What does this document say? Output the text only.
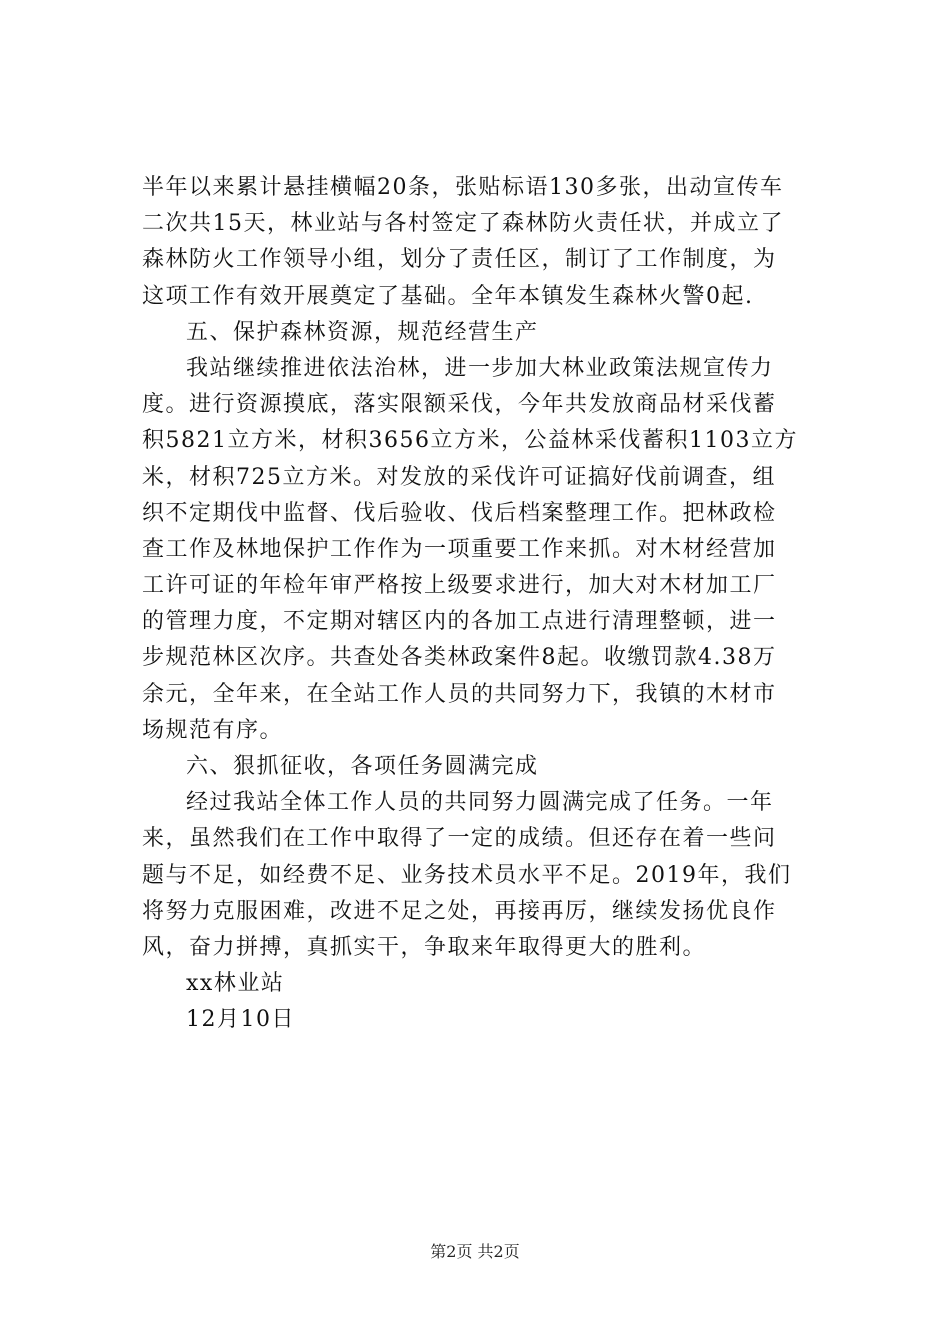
半年以来累计悬挂横幅20条，张贴标语130多张，出动宣传车
二次共15天，林业站与各村签定了森林防火责任状，并成立了
森林防火工作领导小组，划分了责任区，制订了工作制度，为
这项工作有效开展奠定了基础。全年本镇发生森林火警0起.
五、保护森林资源，规范经营生产
我站继续推进依法治林，进一步加大林业政策法规宣传力
度。进行资源摸底，落实限额采伐，今年共发放商品材采伐蓄
积5821立方米，材积3656立方米，公益林采伐蓄积1103立方
米，材积725立方米。对发放的采伐许可证搞好伐前调查，组
织不定期伐中监督、伐后验收、伐后档案整理工作。把林政检
查工作及林地保护工作作为一项重要工作来抓。对木材经营加
工许可证的年检年审严格按上级要求进行，加大对木材加工厂
的管理力度，不定期对辖区内的各加工点进行清理整顿，进一
步规范林区次序。共查处各类林政案件8起。收缴罚款4.38万
余元，全年来，在全站工作人员的共同努力下，我镇的木材市
场规范有序。
六、狠抓征收，各项任务圆满完成
经过我站全体工作人员的共同努力圆满完成了任务。一年
来，虽然我们在工作中取得了一定的成绩。但还存在着一些问
题与不足，如经费不足、业务技术员水平不足。2019年，我们
将努力克服困难，改进不足之处，再接再厉，继续发扬优良作
风，奋力拼搏，真抓实干，争取来年取得更大的胜利。
xx林业站
12月10日
第2页 共2页
